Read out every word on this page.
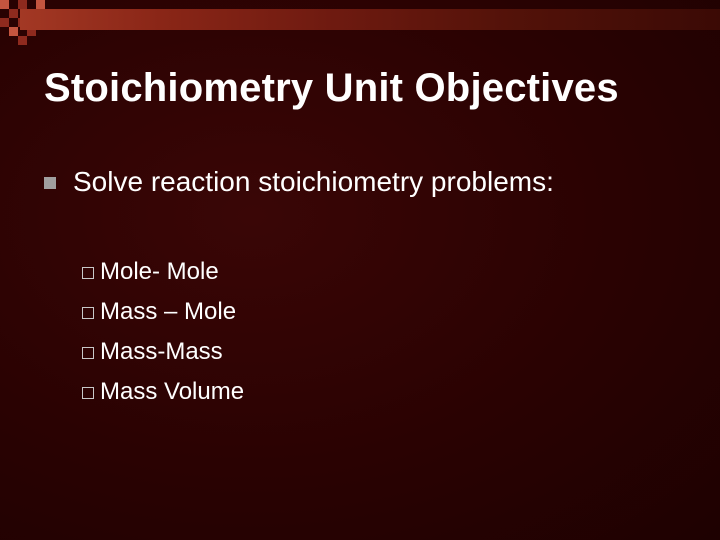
Stoichiometry Unit Objectives
Solve reaction stoichiometry problems:
Mole- Mole
Mass – Mole
Mass-Mass
Mass Volume
